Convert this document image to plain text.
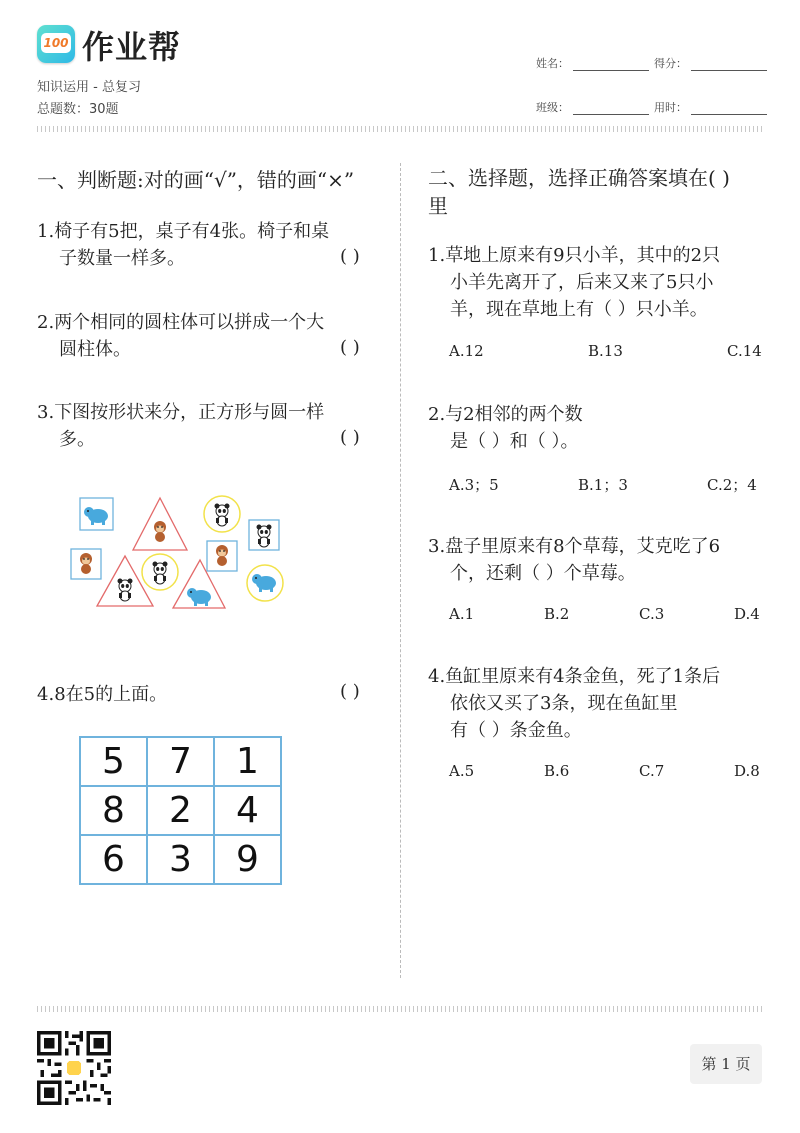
100 作业帮
知识运用 - 总复习
总题数：30题
姓名：	得分：
班级：	用时：
一、判断题:对的画“√”，错的画“×”
1.椅子有5把，桌子有4张。椅子和桌
子数量一样多。	( )
2.两个相同的圆柱体可以拼成一个大
圆柱体。	( )
3.下图按形状来分，正方形与圆一样
多。	( )
4.8在5的上面。	( )
5	7	1
8	2	4
6	3	9
二、选择题，选择正确答案填在( )
里
1.草地上原来有9只小羊，其中的2只
小羊先离开了，后来又来了5只小
羊，现在草地上有（ ）只小羊。
A.12	B.13	C.14
2.与2相邻的两个数
是（ ）和（ ）。
A.3；5	B.1；3	C.2；4
3.盘子里原来有8个草莓，艾克吃了6
个，还剩（ ）个草莓。
A.1	B.2	C.3	D.4
4.鱼缸里原来有4条金鱼，死了1条后
依依又买了3条，现在鱼缸里
有（ ）条金鱼。
A.5	B.6	C.7	D.8
第 1 页
